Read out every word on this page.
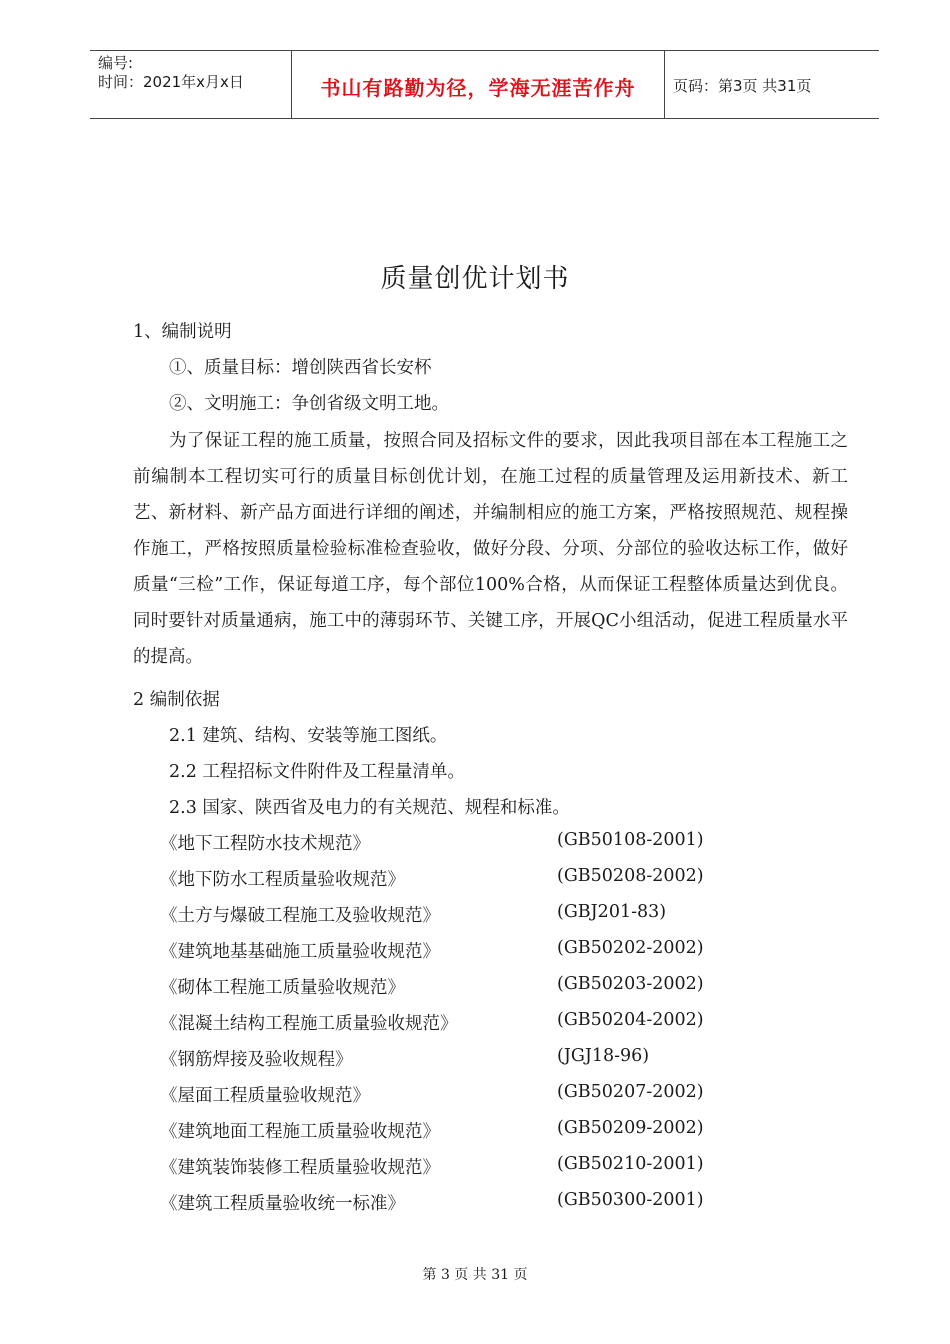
编号:
时间：2021年x月x日	书山有路勤为径，学海无涯苦作舟	页码：第3页 共31页
质量创优计划书
1、编制说明
①、质量目标：增创陕西省长安杯
②、文明施工：争创省级文明工地。
为了保证工程的施工质量，按照合同及招标文件的要求，因此我项目部在本工程施工之前编制本工程切实可行的质量目标创优计划，在施工过程的质量管理及运用新技术、新工艺、新材料、新产品方面进行详细的阐述，并编制相应的施工方案，严格按照规范、规程操作施工，严格按照质量检验标准检查验收，做好分段、分项、分部位的验收达标工作，做好质量“三检”工作，保证每道工序，每个部位100%合格，从而保证工程整体质量达到优良。同时要针对质量通病，施工中的薄弱环节、关键工序，开展QC小组活动，促进工程质量水平的提高。
2 编制依据
2.1 建筑、结构、安装等施工图纸。
2.2 工程招标文件附件及工程量清单。
2.3 国家、陕西省及电力的有关规范、规程和标准。
《地下工程防水技术规范》	(GB50108-2001)
《地下防水工程质量验收规范》	(GB50208-2002)
《土方与爆破工程施工及验收规范》	(GBJ201-83)
《建筑地基基础施工质量验收规范》	(GB50202-2002)
《砌体工程施工质量验收规范》	(GB50203-2002)
《混凝土结构工程施工质量验收规范》	(GB50204-2002)
《钢筋焊接及验收规程》	(JGJ18-96)
《屋面工程质量验收规范》	(GB50207-2002)
《建筑地面工程施工质量验收规范》	(GB50209-2002)
《建筑装饰装修工程质量验收规范》	(GB50210-2001)
《建筑工程质量验收统一标准》	(GB50300-2001)
第 3 页 共 31 页
